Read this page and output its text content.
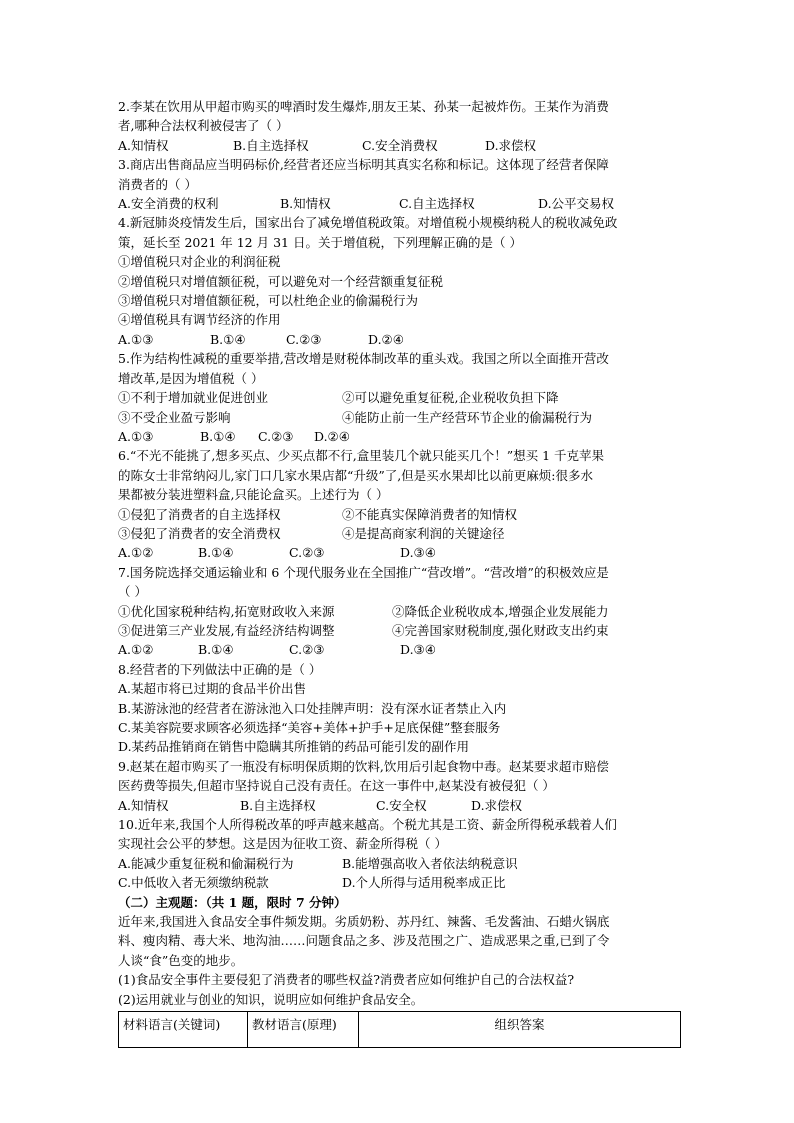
2.李某在饮用从甲超市购买的啤酒时发生爆炸,朋友王某、孙某一起被炸伤。王某作为消费
者,哪种合法权利被侵害了（ ）
A.知情权	B.自主选择权	C.安全消费权	D.求偿权
3.商店出售商品应当明码标价,经营者还应当标明其真实名称和标记。这体现了经营者保障
消费者的（ ）
A.安全消费的权利	B.知情权	C.自主选择权	D.公平交易权
4.新冠肺炎疫情发生后，国家出台了减免增值税政策。对增值税小规模纳税人的税收减免政
策，延长至 2021 年 12 月 31 日。关于增值税，下列理解正确的是（ ）
①增值税只对企业的利润征税
②增值税只对增值额征税，可以避免对一个经营额重复征税
③增值税只对增值额征税，可以杜绝企业的偷漏税行为
④增值税具有调节经济的作用
A.①③	B.①④	C.②③	D.②④
5.作为结构性减税的重要举措,营改增是财税体制改革的重头戏。我国之所以全面推开营改
增改革,是因为增值税（ ）
①不利于增加就业促进创业	②可以避免重复征税,企业税收负担下降
③不受企业盈亏影响	④能防止前一生产经营环节企业的偷漏税行为
A.①③	B.①④	C.②③	D.②④
6.“不光不能挑了,想多买点、少买点都不行,盒里装几个就只能买几个！”想买 1 千克苹果
的陈女士非常纳闷儿,家门口几家水果店都“升级”了,但是买水果却比以前更麻烦:很多水
果都被分装进塑料盒,只能论盒买。上述行为（ ）
①侵犯了消费者的自主选择权	②不能真实保障消费者的知情权
③侵犯了消费者的安全消费权	④是提高商家利润的关键途径
A.①②	B.①④	C.②③	D.③④
7.国务院选择交通运输业和 6 个现代服务业在全国推广“营改增”。“营改增”的积极效应是
（ ）
①优化国家税种结构,拓宽财政收入来源	②降低企业税收成本,增强企业发展能力
③促进第三产业发展,有益经济结构调整	④完善国家财税制度,强化财政支出约束
A.①②	B.①④	C.②③	D.③④
8.经营者的下列做法中正确的是（ ）
A.某超市将已过期的食品半价出售
B.某游泳池的经营者在游泳池入口处挂牌声明：没有深水证者禁止入内
C.某美容院要求顾客必须选择“美容+美体+护手+足底保健”整套服务
D.某药品推销商在销售中隐瞒其所推销的药品可能引发的副作用
9.赵某在超市购买了一瓶没有标明保质期的饮料,饮用后引起食物中毒。赵某要求超市赔偿
医药费等损失,但超市坚持说自己没有责任。在这一事件中,赵某没有被侵犯（ ）
A.知情权	B.自主选择权	C.安全权	D.求偿权
10.近年来,我国个人所得税改革的呼声越来越高。个税尤其是工资、薪金所得税承载着人们
实现社会公平的梦想。这是因为征收工资、薪金所得税（ ）
A.能减少重复征税和偷漏税行为	B.能增强高收入者依法纳税意识
C.中低收入者无须缴纳税款	D.个人所得与适用税率成正比
（二）主观题：（共 1 题，限时 7 分钟）
近年来,我国进入食品安全事件频发期。劣质奶粉、苏丹红、辣酱、毛发酱油、石蜡火锅底
料、瘦肉精、毒大米、地沟油……问题食品之多、涉及范围之广、造成恶果之重,已到了令
人谈“食”色变的地步。
(1)食品安全事件主要侵犯了消费者的哪些权益?消费者应如何维护自己的合法权益?
(2)运用就业与创业的知识，说明应如何维护食品安全。
材料语言(关键词)	教材语言(原理)	组织答案
